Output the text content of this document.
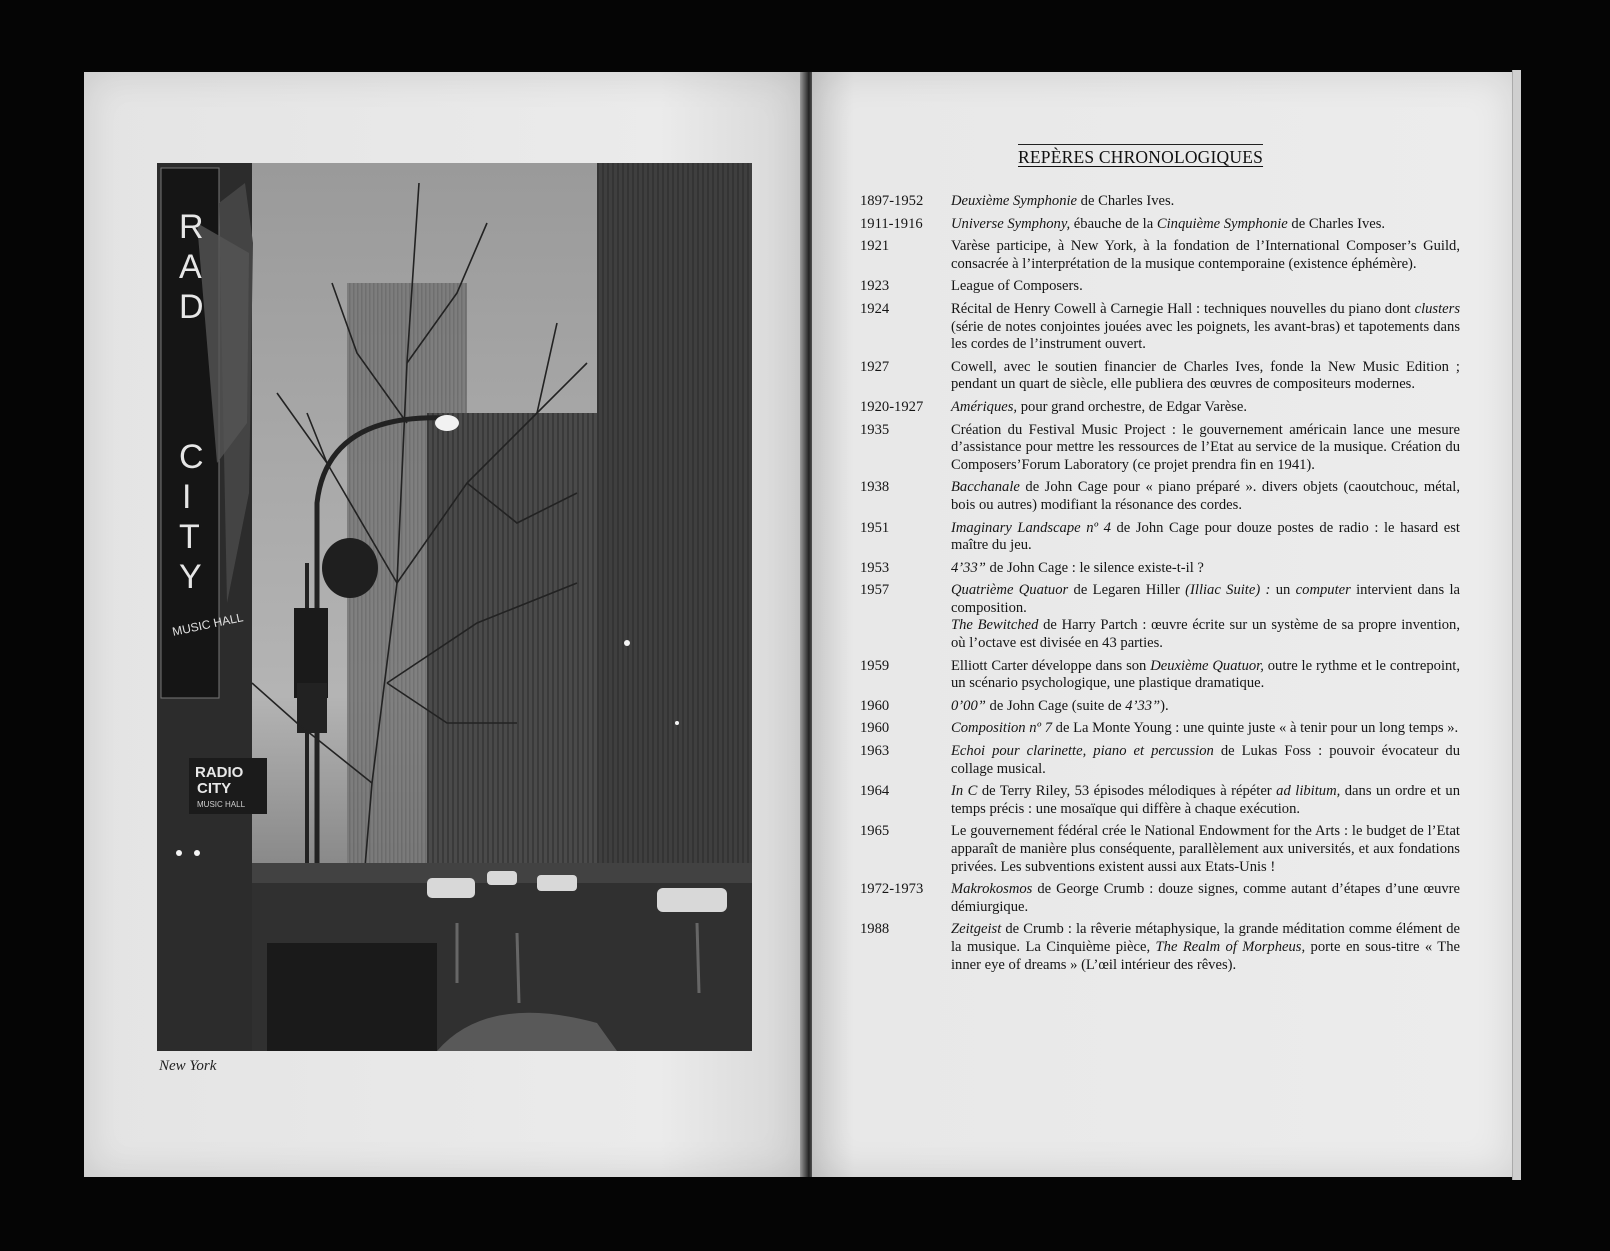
R
A
D
C
I
T
Y
MUSIC HALL
RADIO
CITY
MUSIC HALL
New York
REPÈRES CHRONOLOGIQUES
1897-1952	Deuxième Symphonie de Charles Ives.

1911-1916	Universe Symphony, ébauche de la Cinquième Symphonie de Charles Ives.

1921	Varèse participe, à New York, à la fondation de l’International Composer’s Guild, consacrée à l’interprétation de la musique contemporaine (existence éphémère).

1923	League of Composers.

1924	Récital de Henry Cowell à Carnegie Hall : techniques nouvelles du piano dont clusters (série de notes conjointes jouées avec les poignets, les avant-bras) et tapotements dans les cordes de l’instrument ouvert.

1927	Cowell, avec le soutien financier de Charles Ives, fonde la New Music Edition ; pendant un quart de siècle, elle publiera des œuvres de compositeurs modernes.

1920-1927	Amériques, pour grand orchestre, de Edgar Varèse.

1935	Création du Festival Music Project : le gouvernement américain lance une mesure d’assistance pour mettre les ressources de l’Etat au service de la musique. Création du Composers’Forum Laboratory (ce projet prendra fin en 1941).

1938	Bacchanale de John Cage pour « piano préparé ». divers objets (caoutchouc, métal, bois ou autres) modifiant la résonance des cordes.

1951	Imaginary Landscape nº 4 de John Cage pour douze postes de radio : le hasard est maître du jeu.

1953	4’33” de John Cage : le silence existe-t-il ?

1957	Quatrième Quatuor de Legaren Hiller (Illiac Suite) : un computer intervient dans la composition.

The Bewitched de Harry Partch : œuvre écrite sur un système de sa propre invention, où l’octave est divisée en 43 parties.

1959	Elliott Carter développe dans son Deuxième Quatuor, outre le rythme et le contrepoint, un scénario psychologique, une plastique dramatique.

1960	0’00” de John Cage (suite de 4’33”).

1960	Composition nº 7 de La Monte Young : une quinte juste « à tenir pour un long temps ».

1963	Echoi pour clarinette, piano et percussion de Lukas Foss : pouvoir évocateur du collage musical.

1964	In C de Terry Riley, 53 épisodes mélodiques à répéter ad libitum, dans un ordre et un temps précis : une mosaïque qui diffère à chaque exécution.

1965	Le gouvernement fédéral crée le National Endowment for the Arts : le budget de l’Etat apparaît de manière plus conséquente, parallèlement aux universités, et aux fondations privées. Les subventions existent aussi aux Etats-Unis !

1972-1973	Makrokosmos de George Crumb : douze signes, comme autant d’étapes d’une œuvre démiurgique.

1988	Zeitgeist de Crumb : la rêverie métaphysique, la grande méditation comme élément de la musique. La Cinquième pièce, The Realm of Morpheus, porte en sous-titre « The inner eye of dreams » (L’œil intérieur des rêves).
